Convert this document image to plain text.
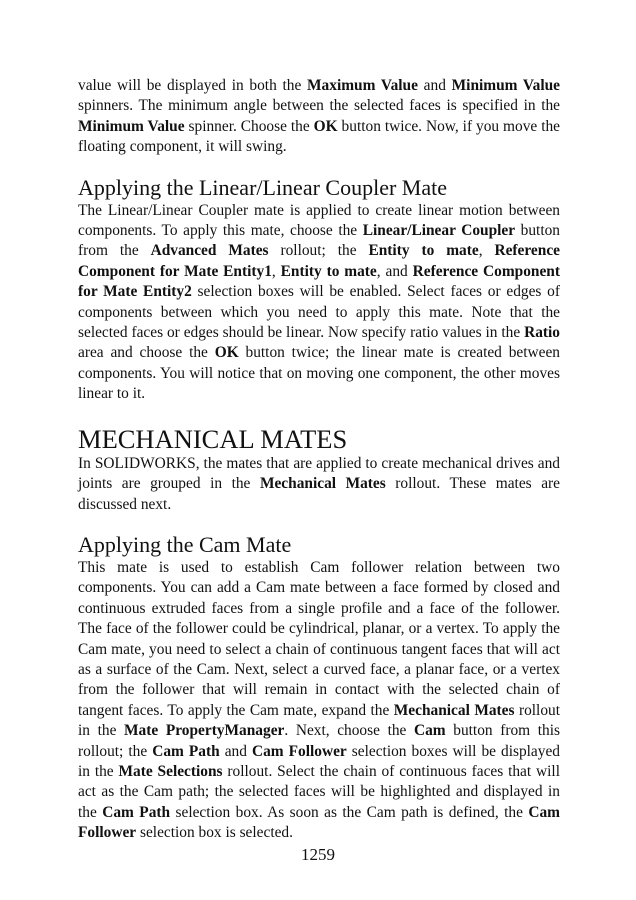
value will be displayed in both the Maximum Value and Minimum Value spinners. The minimum angle between the selected faces is specified in the Minimum Value spinner. Choose the OK button twice. Now, if you move the floating component, it will swing.

Applying the Linear/Linear Coupler Mate

The Linear/Linear Coupler mate is applied to create linear motion between components. To apply this mate, choose the Linear/Linear Coupler button from the Advanced Mates rollout; the Entity to mate, Reference Component for Mate Entity1, Entity to mate, and Reference Component for Mate Entity2 selection boxes will be enabled. Select faces or edges of components between which you need to apply this mate. Note that the selected faces or edges should be linear. Now specify ratio values in the Ratio area and choose the OK button twice; the linear mate is created between components. You will notice that on moving one component, the other moves linear to it.

MECHANICAL MATES

In SOLIDWORKS, the mates that are applied to create mechanical drives and joints are grouped in the Mechanical Mates rollout. These mates are discussed next.

Applying the Cam Mate

This mate is used to establish Cam follower relation between two components. You can add a Cam mate between a face formed by closed and continuous extruded faces from a single profile and a face of the follower. The face of the follower could be cylindrical, planar, or a vertex. To apply the Cam mate, you need to select a chain of continuous tangent faces that will act as a surface of the Cam. Next, select a curved face, a planar face, or a vertex from the follower that will remain in contact with the selected chain of tangent faces. To apply the Cam mate, expand the Mechanical Mates rollout in the Mate PropertyManager. Next, choose the Cam button from this rollout; the Cam Path and Cam Follower selection boxes will be displayed in the Mate Selections rollout. Select the chain of continuous faces that will act as the Cam path; the selected faces will be highlighted and displayed in the Cam Path selection box. As soon as the Cam path is defined, the Cam Follower selection box is selected.

1259
